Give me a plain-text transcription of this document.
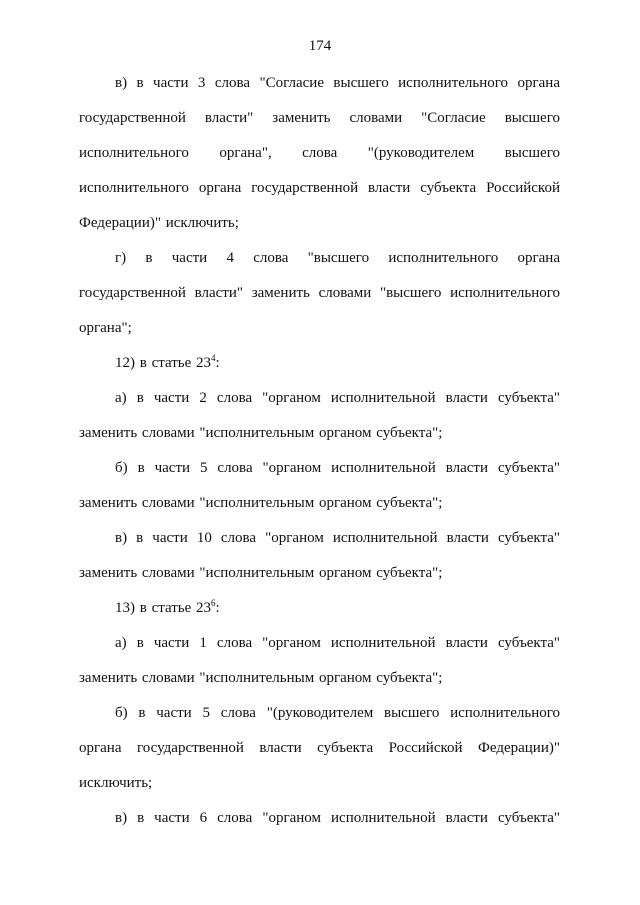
174

в) в части 3 слова "Согласие высшего исполнительного органа государственной власти" заменить словами "Согласие высшего исполнительного органа", слова "(руководителем высшего исполнительного органа государственной власти субъекта Российской Федерации)" исключить;

г) в части 4 слова "высшего исполнительного органа государственной власти" заменить словами "высшего исполнительного органа";

12) в статье $23^4$:

а) в части 2 слова "органом исполнительной власти субъекта" заменить словами "исполнительным органом субъекта";

б) в части 5 слова "органом исполнительной власти субъекта" заменить словами "исполнительным органом субъекта";

в) в части 10 слова "органом исполнительной власти субъекта" заменить словами "исполнительным органом субъекта";

13) в статье $23^6$:

а) в части 1 слова "органом исполнительной власти субъекта" заменить словами "исполнительным органом субъекта";

б) в части 5 слова "(руководителем высшего исполнительного органа государственной власти субъекта Российской Федерации)" исключить;

в) в части 6 слова "органом исполнительной власти субъекта"
